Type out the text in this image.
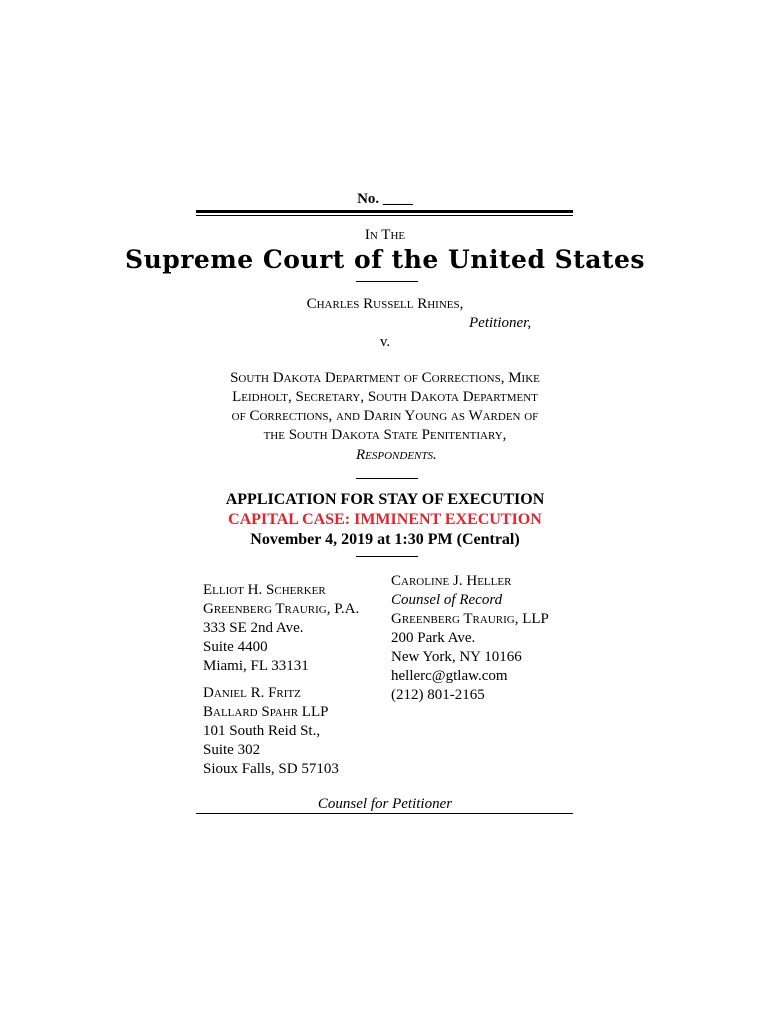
No. ____
In The
Supreme Court of the United States
Charles Russell Rhines,
Petitioner,
v.
South Dakota Department of Corrections, Mike
Leidholt, Secretary, South Dakota Department
of Corrections, and Darin Young as Warden of
the South Dakota State Penitentiary,
Respondents.
APPLICATION FOR STAY OF EXECUTION
CAPITAL CASE: IMMINENT EXECUTION
November 4, 2019 at 1:30 PM (Central)
Elliot H. Scherker
Greenberg Traurig, P.A.
333 SE 2nd Ave.
Suite 4400
Miami, FL 33131
Daniel R. Fritz
Ballard Spahr LLP
101 South Reid St.,
Suite 302
Sioux Falls, SD 57103
Caroline J. Heller
Counsel of Record
Greenberg Traurig, LLP
200 Park Ave.
New York, NY 10166
hellerc@gtlaw.com
(212) 801-2165
Counsel for Petitioner
